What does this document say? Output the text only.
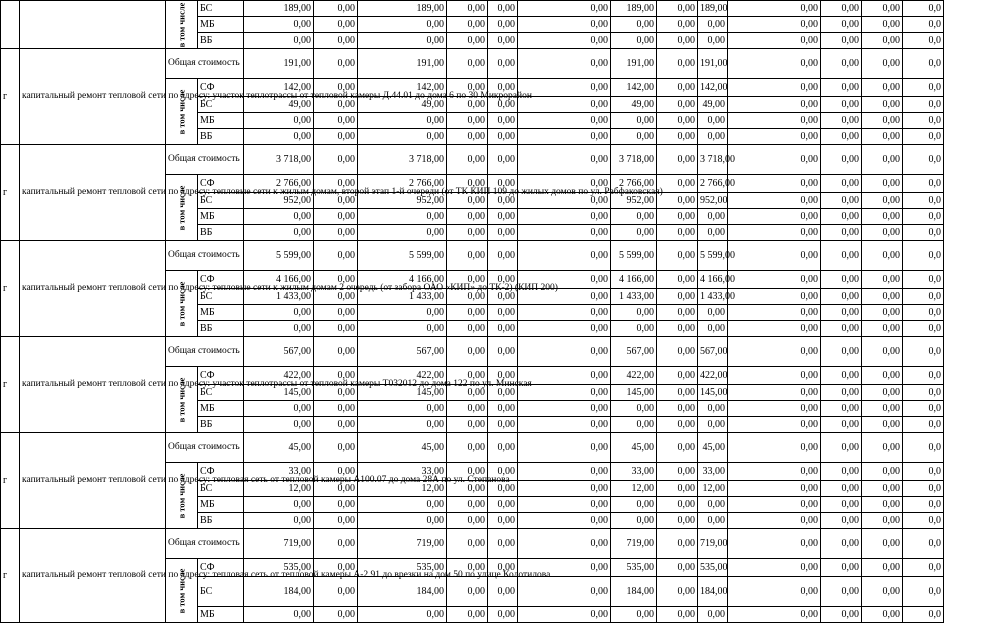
		в том числе	БС	189,00	0,00	189,00	0,00	0,00	0,00	189,00	0,00	189,00	0,00	0,00	0,00	0,0
			МБ	0,00	0,00	0,00	0,00	0,00	0,00	0,00	0,00	0,00	0,00	0,00	0,00	0,0
			ВБ	0,00	0,00	0,00	0,00	0,00	0,00	0,00	0,00	0,00	0,00	0,00	0,00	0,0
г	капитальный ремонт тепловой сети по адресу: участок теплотрассы от тепловой камеры Д.44.01 до дома 6 по 30 Микрорайон	Общая стоимость		191,00	0,00	191,00	0,00	0,00	0,00	191,00	0,00	191,00	0,00	0,00	0,00	0,0

		в том числе	СФ	142,00	0,00	142,00	0,00	0,00	0,00	142,00	0,00	142,00	0,00	0,00	0,00	0,0
			БС	49,00	0,00	49,00	0,00	0,00	0,00	49,00	0,00	49,00	0,00	0,00	0,00	0,0
			МБ	0,00	0,00	0,00	0,00	0,00	0,00	0,00	0,00	0,00	0,00	0,00	0,00	0,0
			ВБ	0,00	0,00	0,00	0,00	0,00	0,00	0,00	0,00	0,00	0,00	0,00	0,00	0,0
г	капитальный ремонт тепловой сети по адресу: тепловые сети к жилым домам, второй этап 1-й очереди (от ТК КИП 109 до жилых домов по ул. Рабфаковская)	Общая стоимость		3 718,00	0,00	3 718,00	0,00	0,00	0,00	3 718,00	0,00	3 718,00	0,00	0,00	0,00	0,0

		в том числе	СФ	2 766,00	0,00	2 766,00	0,00	0,00	0,00	2 766,00	0,00	2 766,00	0,00	0,00	0,00	0,0
			БС	952,00	0,00	952,00	0,00	0,00	0,00	952,00	0,00	952,00	0,00	0,00	0,00	0,0
			МБ	0,00	0,00	0,00	0,00	0,00	0,00	0,00	0,00	0,00	0,00	0,00	0,00	0,0
			ВБ	0,00	0,00	0,00	0,00	0,00	0,00	0,00	0,00	0,00	0,00	0,00	0,00	0,0
г	капитальный ремонт тепловой сети по адресу: тепловые сети к жилым домам 2 очередь (от забора ОАО «КИП» до ТК-2) (КИП 200)	Общая стоимость		5 599,00	0,00	5 599,00	0,00	0,00	0,00	5 599,00	0,00	5 599,00	0,00	0,00	0,00	0,0

		в том числе	СФ	4 166,00	0,00	4 166,00	0,00	0,00	0,00	4 166,00	0,00	4 166,00	0,00	0,00	0,00	0,0
			БС	1 433,00	0,00	1 433,00	0,00	0,00	0,00	1 433,00	0,00	1 433,00	0,00	0,00	0,00	0,0
			МБ	0,00	0,00	0,00	0,00	0,00	0,00	0,00	0,00	0,00	0,00	0,00	0,00	0,0
			ВБ	0,00	0,00	0,00	0,00	0,00	0,00	0,00	0,00	0,00	0,00	0,00	0,00	0,0
г	капитальный ремонт тепловой сети по адресу: участок теплотрассы от тепловой камеры Т032012 до дома 122 по ул. Минская	Общая стоимость		567,00	0,00	567,00	0,00	0,00	0,00	567,00	0,00	567,00	0,00	0,00	0,00	0,0

		в том числе	СФ	422,00	0,00	422,00	0,00	0,00	0,00	422,00	0,00	422,00	0,00	0,00	0,00	0,0
			БС	145,00	0,00	145,00	0,00	0,00	0,00	145,00	0,00	145,00	0,00	0,00	0,00	0,0
			МБ	0,00	0,00	0,00	0,00	0,00	0,00	0,00	0,00	0,00	0,00	0,00	0,00	0,0
			ВБ	0,00	0,00	0,00	0,00	0,00	0,00	0,00	0,00	0,00	0,00	0,00	0,00	0,0
г	капитальный ремонт тепловой сети по адресу: тепловая сеть от тепловой камеры А100.07 до дома 28А по ул. Степанова	Общая стоимость		45,00	0,00	45,00	0,00	0,00	0,00	45,00	0,00	45,00	0,00	0,00	0,00	0,0

		в том числе	СФ	33,00	0,00	33,00	0,00	0,00	0,00	33,00	0,00	33,00	0,00	0,00	0,00	0,0
			БС	12,00	0,00	12,00	0,00	0,00	0,00	12,00	0,00	12,00	0,00	0,00	0,00	0,0
			МБ	0,00	0,00	0,00	0,00	0,00	0,00	0,00	0,00	0,00	0,00	0,00	0,00	0,0
			ВБ	0,00	0,00	0,00	0,00	0,00	0,00	0,00	0,00	0,00	0,00	0,00	0,00	0,0
г	капитальный ремонт тепловой сети по адресу: тепловая сеть от тепловой камеры А-2 91 до врезки на дом 50 по улице Колотилова	Общая стоимость		719,00	0,00	719,00	0,00	0,00	0,00	719,00	0,00	719,00	0,00	0,00	0,00	0,0

		в том числе	СФ	535,00	0,00	535,00	0,00	0,00	0,00	535,00	0,00	535,00	0,00	0,00	0,00	0,0
			БС	184,00	0,00	184,00	0,00	0,00	0,00	184,00	0,00	184,00	0,00	0,00	0,00	0,0
			МБ	0,00	0,00	0,00	0,00	0,00	0,00	0,00	0,00	0,00	0,00	0,00	0,00	0,0
